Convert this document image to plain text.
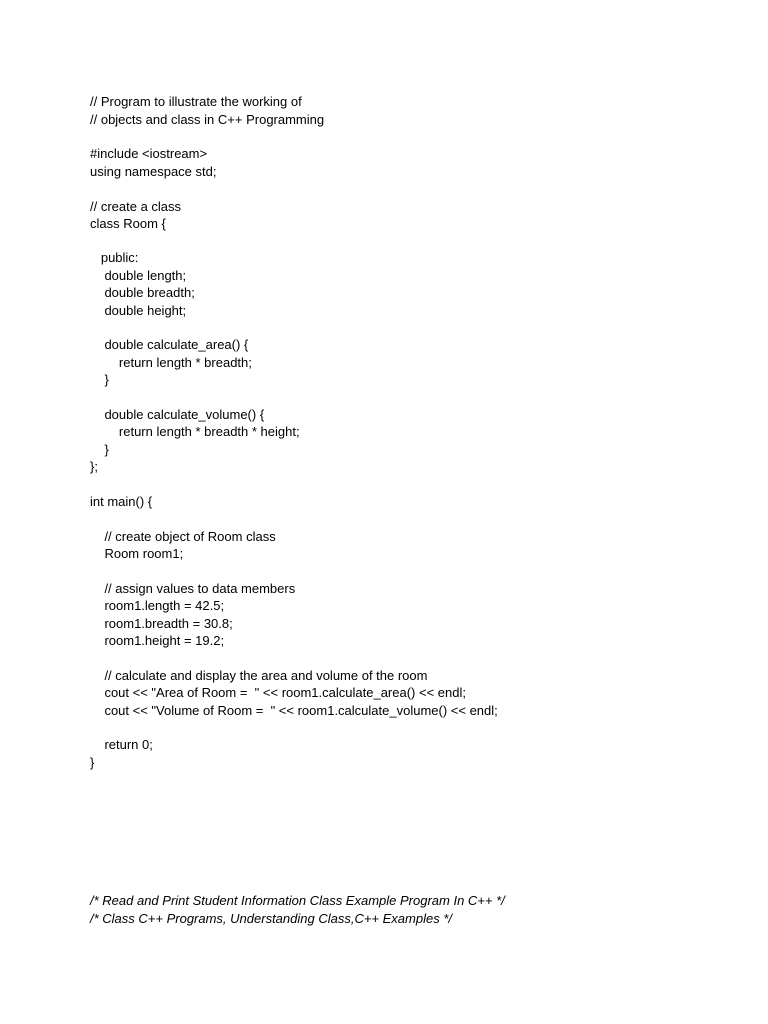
// Program to illustrate the working of

// objects and class in C++ Programming

#include <iostream>

using namespace std;

// create a class

class Room {

public:

double length;

double breadth;

double height;

double calculate_area() {

return length * breadth;

}

double calculate_volume() {

return length * breadth * height;

}

};

int main() {

// create object of Room class

Room room1;

// assign values to data members

room1.length = 42.5;

room1.breadth = 30.8;

room1.height = 19.2;

// calculate and display the area and volume of the room

cout << "Area of Room =  " << room1.calculate_area() << endl;

cout << "Volume of Room =  " << room1.calculate_volume() << endl;

return 0;

}

/* Read and Print Student Information Class Example Program In C++ */

/* Class C++ Programs, Understanding Class,C++ Examples */
